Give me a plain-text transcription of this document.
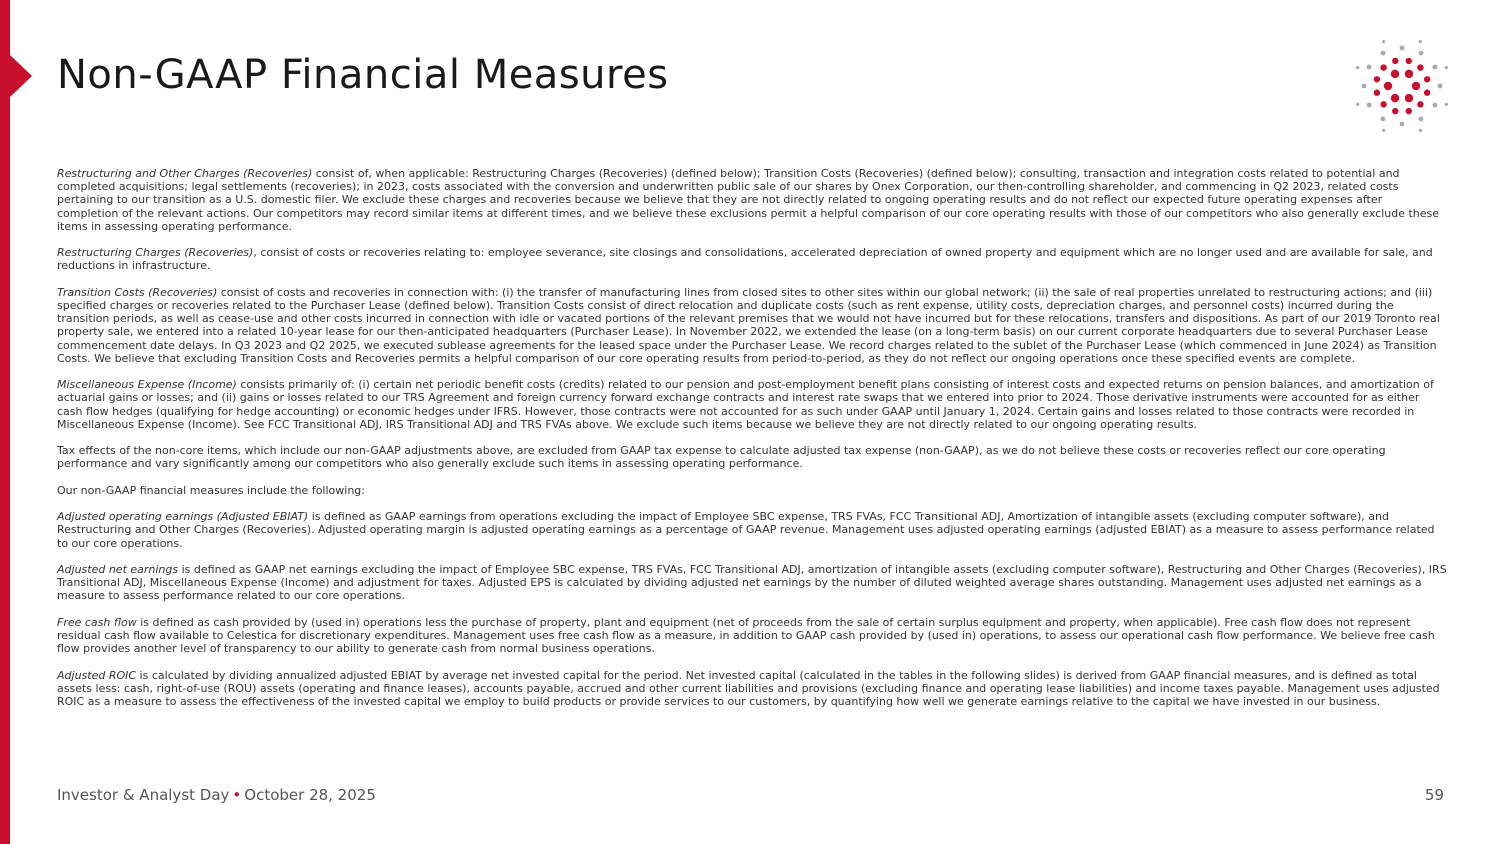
Non-GAAP Financial Measures

Restructuring and Other Charges (Recoveries) consist of, when applicable: Restructuring Charges (Recoveries) (defined below); Transition Costs (Recoveries) (defined below); consulting, transaction and integration costs related to potential and completed acquisitions; legal settlements (recoveries); in 2023, costs associated with the conversion and underwritten public sale of our shares by Onex Corporation, our then-controlling shareholder, and commencing in Q2 2023, related costs pertaining to our transition as a U.S. domestic filer. We exclude these charges and recoveries because we believe that they are not directly related to ongoing operating results and do not reflect our expected future operating expenses after completion of the relevant actions. Our competitors may record similar items at different times, and we believe these exclusions permit a helpful comparison of our core operating results with those of our competitors who also generally exclude these items in assessing operating performance.

Restructuring Charges (Recoveries), consist of costs or recoveries relating to: employee severance, site closings and consolidations, accelerated depreciation of owned property and equipment which are no longer used and are available for sale, and reductions in infrastructure.

Transition Costs (Recoveries) consist of costs and recoveries in connection with: (i) the transfer of manufacturing lines from closed sites to other sites within our global network; (ii) the sale of real properties unrelated to restructuring actions; and (iii) specified charges or recoveries related to the Purchaser Lease (defined below). Transition Costs consist of direct relocation and duplicate costs (such as rent expense, utility costs, depreciation charges, and personnel costs) incurred during the transition periods, as well as cease-use and other costs incurred in connection with idle or vacated portions of the relevant premises that we would not have incurred but for these relocations, transfers and dispositions. As part of our 2019 Toronto real property sale, we entered into a related 10-year lease for our then-anticipated headquarters (Purchaser Lease). In November 2022, we extended the lease (on a long-term basis) on our current corporate headquarters due to several Purchaser Lease commencement date delays. In Q3 2023 and Q2 2025, we executed sublease agreements for the leased space under the Purchaser Lease. We record charges related to the sublet of the Purchaser Lease (which commenced in June 2024) as Transition Costs. We believe that excluding Transition Costs and Recoveries permits a helpful comparison of our core operating results from period-to-period, as they do not reflect our ongoing operations once these specified events are complete.

Miscellaneous Expense (Income) consists primarily of: (i) certain net periodic benefit costs (credits) related to our pension and post-employment benefit plans consisting of interest costs and expected returns on pension balances, and amortization of actuarial gains or losses; and (ii) gains or losses related to our TRS Agreement and foreign currency forward exchange contracts and interest rate swaps that we entered into prior to 2024. Those derivative instruments were accounted for as either cash flow hedges (qualifying for hedge accounting) or economic hedges under IFRS. However, those contracts were not accounted for as such under GAAP until January 1, 2024. Certain gains and losses related to those contracts were recorded in Miscellaneous Expense (Income). See FCC Transitional ADJ, IRS Transitional ADJ and TRS FVAs above. We exclude such items because we believe they are not directly related to our ongoing operating results.

Tax effects of the non-core items, which include our non-GAAP adjustments above, are excluded from GAAP tax expense to calculate adjusted tax expense (non-GAAP), as we do not believe these costs or recoveries reflect our core operating performance and vary significantly among our competitors who also generally exclude such items in assessing operating performance.

Our non-GAAP financial measures include the following:

Adjusted operating earnings (Adjusted EBIAT) is defined as GAAP earnings from operations excluding the impact of Employee SBC expense, TRS FVAs, FCC Transitional ADJ, Amortization of intangible assets (excluding computer software), and Restructuring and Other Charges (Recoveries). Adjusted operating margin is adjusted operating earnings as a percentage of GAAP revenue. Management uses adjusted operating earnings (adjusted EBIAT) as a measure to assess performance related to our core operations.

Adjusted net earnings is defined as GAAP net earnings excluding the impact of Employee SBC expense, TRS FVAs, FCC Transitional ADJ, amortization of intangible assets (excluding computer software), Restructuring and Other Charges (Recoveries), IRS Transitional ADJ, Miscellaneous Expense (Income) and adjustment for taxes. Adjusted EPS is calculated by dividing adjusted net earnings by the number of diluted weighted average shares outstanding. Management uses adjusted net earnings as a measure to assess performance related to our core operations.

Free cash flow is defined as cash provided by (used in) operations less the purchase of property, plant and equipment (net of proceeds from the sale of certain surplus equipment and property, when applicable). Free cash flow does not represent residual cash flow available to Celestica for discretionary expenditures. Management uses free cash flow as a measure, in addition to GAAP cash provided by (used in) operations, to assess our operational cash flow performance. We believe free cash flow provides another level of transparency to our ability to generate cash from normal business operations.

Adjusted ROIC is calculated by dividing annualized adjusted EBIAT by average net invested capital for the period. Net invested capital (calculated in the tables in the following slides) is derived from GAAP financial measures, and is defined as total assets less: cash, right-of-use (ROU) assets (operating and finance leases), accounts payable, accrued and other current liabilities and provisions (excluding finance and operating lease liabilities) and income taxes payable. Management uses adjusted ROIC as a measure to assess the effectiveness of the invested capital we employ to build products or provide services to our customers, by quantifying how well we generate earnings relative to the capital we have invested in our business.

Investor & Analyst Day • October 28, 2025	59
